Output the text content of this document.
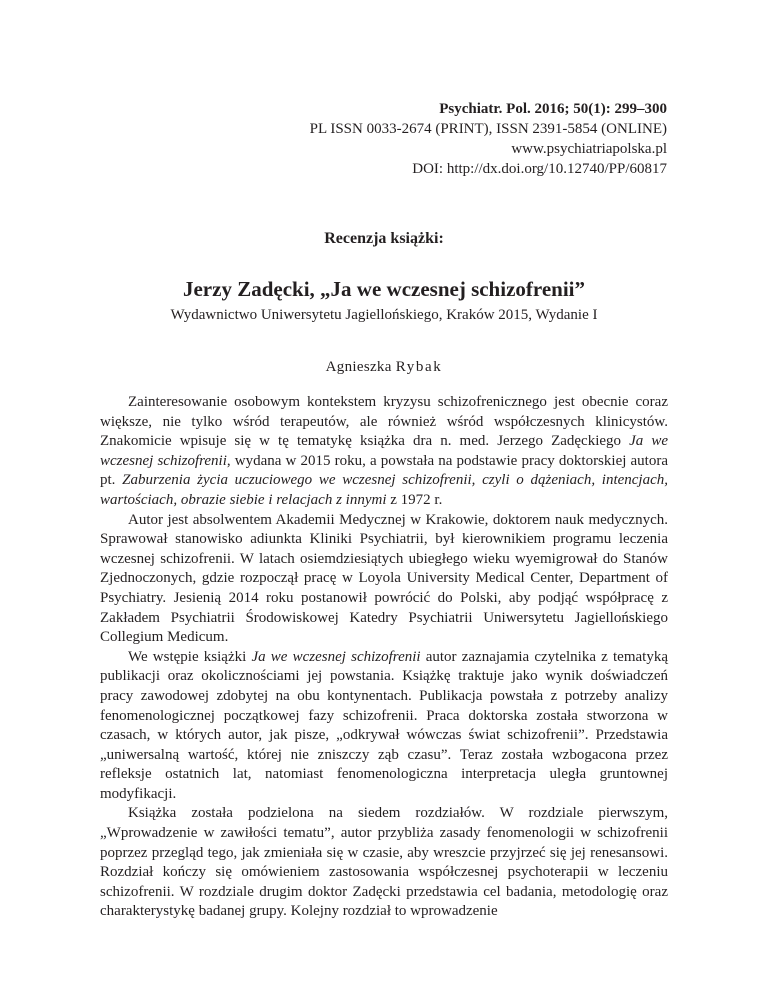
Psychiatr. Pol. 2016; 50(1): 299–300
PL ISSN 0033-2674 (PRINT), ISSN 2391-5854 (ONLINE)
www.psychiatriapolska.pl
DOI: http://dx.doi.org/10.12740/PP/60817
Recenzja książki:
Jerzy Zadęcki, „Ja we wczesnej schizofrenii”
Wydawnictwo Uniwersytetu Jagiellońskiego, Kraków 2015, Wydanie I
Agnieszka Rybak

Zainteresowanie osobowym kontekstem kryzysu schizofrenicznego jest obecnie coraz większe, nie tylko wśród terapeutów, ale również wśród współczesnych klinicystów. Znakomicie wpisuje się w tę tematykę książka dra n. med. Jerzego Zadęckiego Ja we wczesnej schizofrenii, wydana w 2015 roku, a powstała na podstawie pracy doktorskiej autora pt. Zaburzenia życia uczuciowego we wczesnej schizofrenii, czyli o dążeniach, intencjach, wartościach, obrazie siebie i relacjach z innymi z 1972 r.

Autor jest absolwentem Akademii Medycznej w Krakowie, doktorem nauk medycznych. Sprawował stanowisko adiunkta Kliniki Psychiatrii, był kierownikiem programu leczenia wczesnej schizofrenii. W latach osiemdziesiątych ubiegłego wieku wyemigrował do Stanów Zjednoczonych, gdzie rozpoczął pracę w Loyola University Medical Center, Department of Psychiatry. Jesienią 2014 roku postanowił powrócić do Polski, aby podjąć współpracę z Zakładem Psychiatrii Środowiskowej Katedry Psychiatrii Uniwersytetu Jagiellońskiego Collegium Medicum.

We wstępie książki Ja we wczesnej schizofrenii autor zaznajamia czytelnika z tematyką publikacji oraz okolicznościami jej powstania. Książkę traktuje jako wynik doświadczeń pracy zawodowej zdobytej na obu kontynentach. Publikacja powstała z potrzeby analizy fenomenologicznej początkowej fazy schizofrenii. Praca doktorska została stworzona w czasach, w których autor, jak pisze, „odkrywał wówczas świat schizofrenii”. Przedstawia „uniwersalną wartość, której nie zniszczy ząb czasu”. Teraz została wzbogacona przez refleksje ostatnich lat, natomiast fenomenologiczna interpretacja uległa gruntownej modyfikacji.

Książka została podzielona na siedem rozdziałów. W rozdziale pierwszym, „Wprowadzenie w zawiłości tematu”, autor przybliża zasady fenomenologii w schizofrenii poprzez przegląd tego, jak zmieniała się w czasie, aby wreszcie przyjrzeć się jej renesansowi. Rozdział kończy się omówieniem zastosowania współczesnej psychoterapii w leczeniu schizofrenii. W rozdziale drugim doktor Zadęcki przedstawia cel badania, metodologię oraz charakterystykę badanej grupy. Kolejny rozdział to wprowadzenie
